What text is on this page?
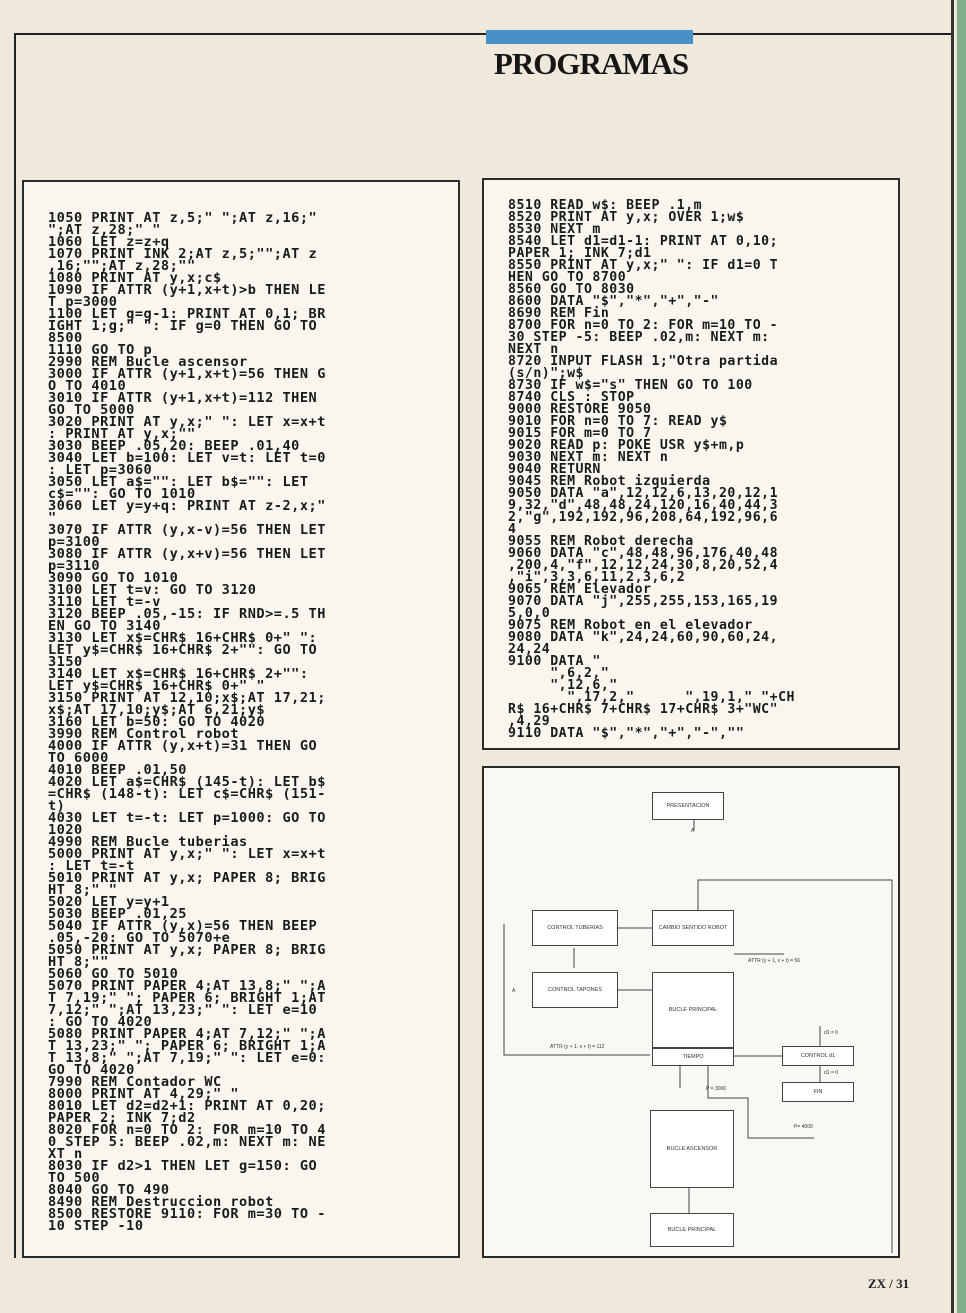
PROGRAMAS
1050 PRINT AT z,5;" ";AT z,16;"
";AT z,28;" "
1060 LET z=z+q
1070 PRINT INK 2;AT z,5;"";AT z
,16;"";AT z,28;""
1080 PRINT AT y,x;c$
1090 IF ATTR (y+1,x+t)>b THEN LE
T p=3000
1100 LET g=g-1: PRINT AT 0,1; BR
IGHT 1;g;" ": IF g=0 THEN GO TO
8500
1110 GO TO p
2990 REM Bucle ascensor
3000 IF ATTR (y+1,x+t)=56 THEN G
O TO 4010
3010 IF ATTR (y+1,x+t)=112 THEN
GO TO 5000
3020 PRINT AT y,x;" ": LET x=x+t
: PRINT AT y,x;""
3030 BEEP .05,20: BEEP .01,40
3040 LET b=100: LET v=t: LET t=0
: LET p=3060
3050 LET a$="": LET b$="": LET
c$="": GO TO 1010
3060 LET y=y+q: PRINT AT z-2,x;"
"
3070 IF ATTR (y,x-v)=56 THEN LET
p=3100
3080 IF ATTR (y,x+v)=56 THEN LET
p=3110
3090 GO TO 1010
3100 LET t=v: GO TO 3120
3110 LET t=-v
3120 BEEP .05,-15: IF RND>=.5 TH
EN GO TO 3140
3130 LET x$=CHR$ 16+CHR$ 0+" ":
LET y$=CHR$ 16+CHR$ 2+"": GO TO
3150
3140 LET x$=CHR$ 16+CHR$ 2+"":
LET y$=CHR$ 16+CHR$ 0+" "
3150 PRINT AT 12,10;x$;AT 17,21;
x$;AT 17,10;y$;AT 6,21;y$
3160 LET b=50: GO TO 4020
3990 REM Control robot
4000 IF ATTR (y,x+t)=31 THEN GO
TO 6000
4010 BEEP .01,50
4020 LET a$=CHR$ (145-t): LET b$
=CHR$ (148-t): LET c$=CHR$ (151-
t)
4030 LET t=-t: LET p=1000: GO TO
1020
4990 REM Bucle tuberias
5000 PRINT AT y,x;" ": LET x=x+t
: LET t=-t
5010 PRINT AT y,x; PAPER 8; BRIG
HT 8;" "
5020 LET y=y+1
5030 BEEP .01,25
5040 IF ATTR (y,x)=56 THEN BEEP
.05,-20: GO TO 5070+e
5050 PRINT AT y,x; PAPER 8; BRIG
HT 8;""
5060 GO TO 5010
5070 PRINT PAPER 4;AT 13,8;" ";A
T 7,19;" "; PAPER 6; BRIGHT 1;AT
7,12;" ";AT 13,23;" ": LET e=10
: GO TO 4020
5080 PRINT PAPER 4;AT 7,12;" ";A
T 13,23;" "; PAPER 6; BRIGHT 1;A
T 13,8;" ";AT 7,19;" ": LET e=0:
GO TO 4020
7990 REM Contador WC
8000 PRINT AT 4,29;" "
8010 LET d2=d2+1: PRINT AT 0,20;
PAPER 2; INK 7;d2
8020 FOR n=0 TO 2: FOR m=10 TO 4
0 STEP 5: BEEP .02,m: NEXT m: NE
XT n
8030 IF d2>1 THEN LET g=150: GO
TO 500
8040 GO TO 490
8490 REM Destruccion robot
8500 RESTORE 9110: FOR m=30 TO -
10 STEP -10
8510 READ w$: BEEP .1,m
8520 PRINT AT y,x; OVER 1;w$
8530 NEXT m
8540 LET d1=d1-1: PRINT AT 0,10;
PAPER 1; INK 7;d1
8550 PRINT AT y,x;" ": IF d1=0 T
HEN GO TO 8700
8560 GO TO 8030
8600 DATA "$","*","+","-"
8690 REM Fin
8700 FOR n=0 TO 2: FOR m=10 TO -
30 STEP -5: BEEP .02,m: NEXT m:
NEXT n
8720 INPUT FLASH 1;"Otra partida
(s/n)";w$
8730 IF w$="s" THEN GO TO 100
8740 CLS : STOP
9000 RESTORE 9050
9010 FOR n=0 TO 7: READ y$
9015 FOR m=0 TO 7
9020 READ p: POKE USR y$+m,p
9030 NEXT m: NEXT n
9040 RETURN
9045 REM Robot izquierda
9050 DATA "a",12,12,6,13,20,12,1
9,32,"d",48,48,24,120,16,40,44,3
2,"g",192,192,96,208,64,192,96,6
4
9055 REM Robot derecha
9060 DATA "c",48,48,96,176,40,48
,200,4,"f",12,12,24,30,8,20,52,4
,"i",3,3,6,11,2,3,6,2
9065 REM Elevador
9070 DATA "j",255,255,153,165,19
5,0,0
9075 REM Robot en el elevador
9080 DATA "k",24,24,60,90,60,24,
24,24
9100 DATA "
",6,2,"
",12,6,"
",17,2,"      ",19,1," "+CH
R$ 16+CHR$ 7+CHR$ 17+CHR$ 3+"WC"
,4,29
9110 DATA "$","*","+","-",""
PRESENTACION
A
CONTROL TUBERIAS
CONTROL TAPONES
A
CAMBIO SENTIDO ROBOT
ATTR (y + 1, x + t) = 56
BUCLE PRINCIPAL
ATTR (y + 1, x + t) = 112
TIEMPO
d1 ≠ 0
CONTROL d1
d1 = 0
FIN
P = 3000
P= 4000
BUCLE ASCENSOR
BUCLE PRINCIPAL
ZX / 31
